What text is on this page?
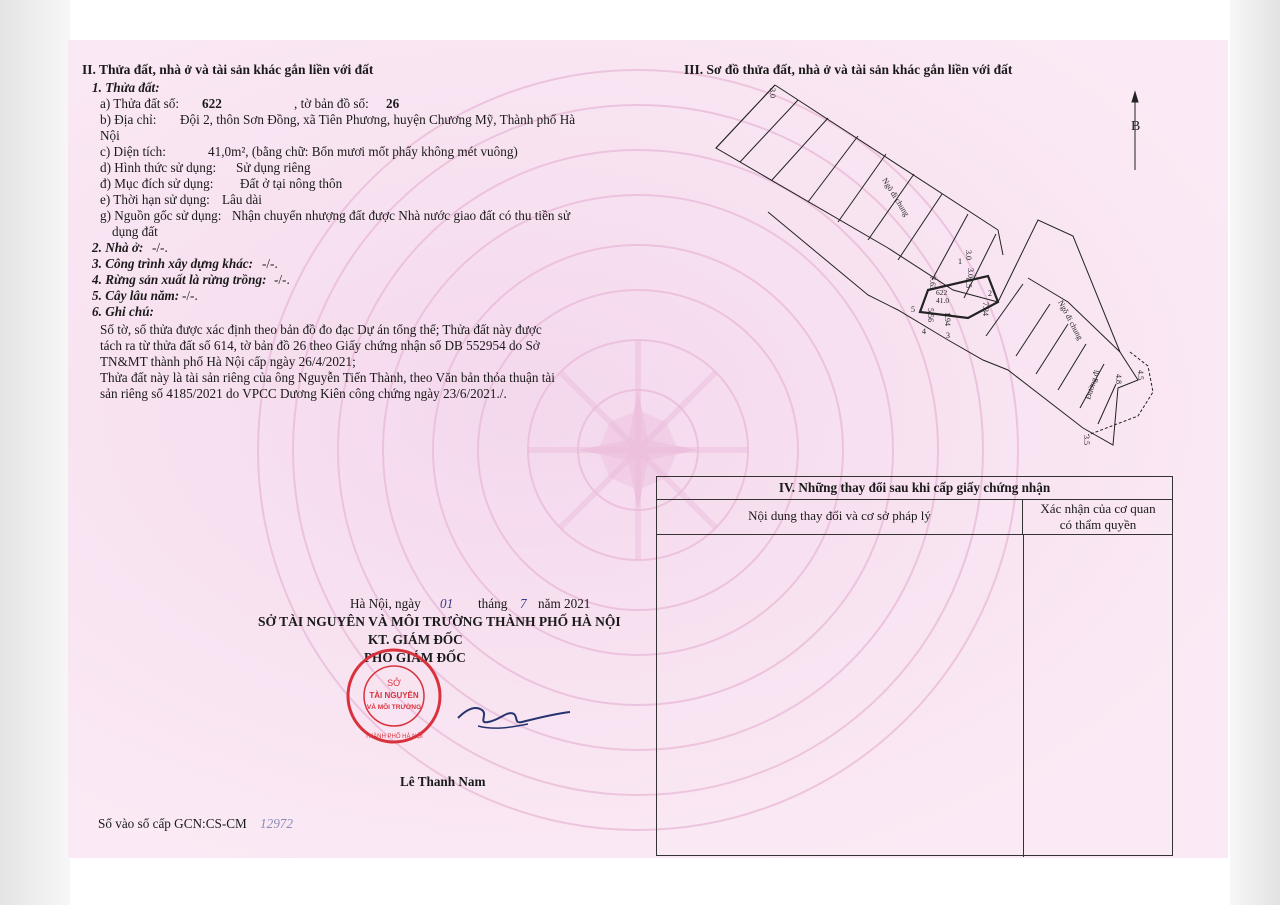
II. Thửa đất, nhà ở và tài sản khác gắn liền với đất
1. Thửa đất:
a) Thửa đất số: 622	, tờ bản đồ số: 26
b) Địa chỉ: Đội 2, thôn Sơn Đồng, xã Tiên Phương, huyện Chương Mỹ, Thành phố Hà
Nội
c) Diện tích:	41,0m², (bằng chữ: Bốn mươi mốt phẩy không mét vuông)
d) Hình thức sử dụng: Sử dụng riêng
đ) Mục đích sử dụng: Đất ở tại nông thôn
e) Thời hạn sử dụng: Lâu dài
g) Nguồn gốc sử dụng: Nhận chuyển nhượng đất được Nhà nước giao đất có thu tiền sử
dụng đất
2. Nhà ở: -/-.
3. Công trình xây dựng khác: -/-.
4. Rừng sản xuất là rừng trồng: -/-.
5. Cây lâu năm: -/-.
6. Ghi chú:
Số tờ, số thửa được xác định theo bản đồ đo đạc Dự án tổng thể; Thửa đất này được
tách ra từ thửa đất số 614, tờ bản đồ 26 theo Giấy chứng nhận số DB 552954 do Sở
TN&MT thành phố Hà Nội cấp ngày 26/4/2021;
Thửa đất này là tài sản riêng của ông Nguyễn Tiến Thành, theo Văn bản thỏa thuận tài
sản riêng số 4185/2021 do VPCC Dương Kiên công chứng ngày 23/6/2021./.
III. Sơ đồ thửa đất, nhà ở và tài sản khác gắn liền với đất
B
Ngõ đi chung
Ngõ đi chung
Đường đi
622
41.0
3.0
3.0
3.0
7.63	8.5
7.34
5.56 1.94
4.5
4.8
3.5
1
2
3
4
5
IV. Những thay đổi sau khi cấp giấy chứng nhận
Nội dung thay đổi và cơ sở pháp lý	Xác nhận của cơ quan
có thẩm quyền
Hà Nội, ngày 01 tháng 7 năm 2021
SỞ TÀI NGUYÊN VÀ MÔI TRƯỜNG THÀNH PHỐ HÀ NỘI
KT. GIÁM ĐỐC
PHÓ GIÁM ĐỐC
SỞ
TÀI NGUYÊN
VÀ MÔI TRƯỜNG
THÀNH PHỐ HÀ NỘI
Lê Thanh Nam
Số vào sổ cấp GCN:CS-CM 12972
